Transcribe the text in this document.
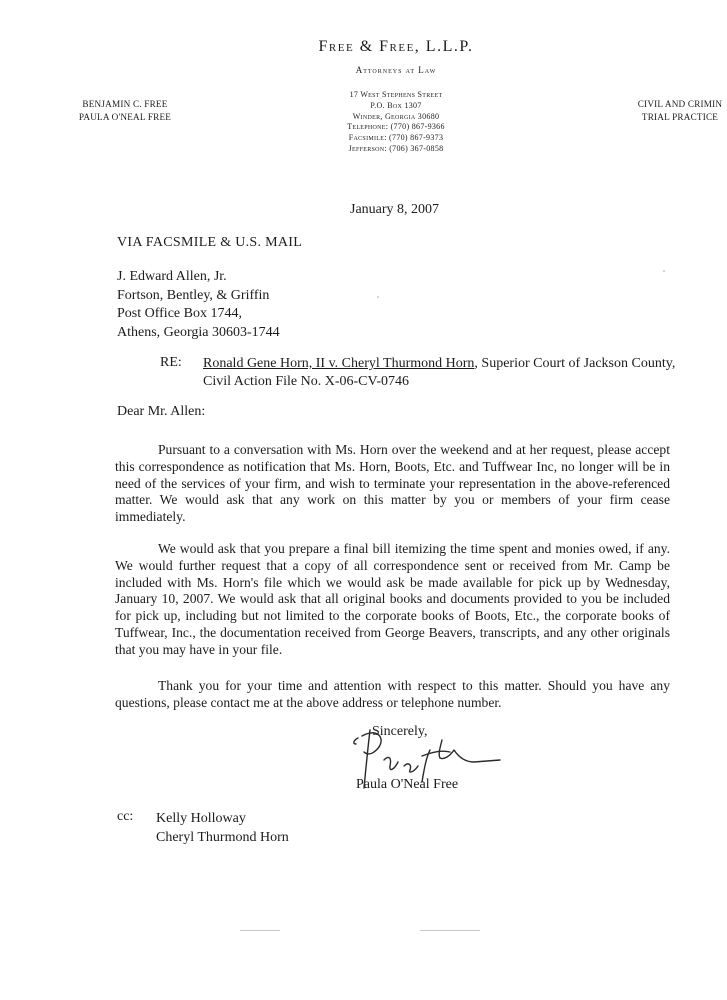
Free & Free, L.L.P.
Attorneys at Law
17 West Stephens Street
P.O. Box 1307
Winder, Georgia 30680
Telephone: (770) 867-9366
Facsimile: (770) 867-9373
Jefferson: (706) 367-0858
BENJAMIN C. FREE
PAULA O'NEAL FREE
CIVIL AND CRIMIN
TRIAL PRACTICE
January 8, 2007
VIA FACSMILE & U.S. MAIL
J. Edward Allen, Jr.
Fortson, Bentley, & Griffin
Post Office Box 1744,
Athens, Georgia 30603-1744
RE: Ronald Gene Horn, II v. Cheryl Thurmond Horn, Superior Court of Jackson County, Civil Action File No. X-06-CV-0746
Dear Mr. Allen:
Pursuant to a conversation with Ms. Horn over the weekend and at her request, please accept this correspondence as notification that Ms. Horn, Boots, Etc. and Tuffwear Inc, no longer will be in need of the services of your firm, and wish to terminate your representation in the above-referenced matter. We would ask that any work on this matter by you or members of your firm cease immediately.
We would ask that you prepare a final bill itemizing the time spent and monies owed, if any. We would further request that a copy of all correspondence sent or received from Mr. Camp be included with Ms. Horn's file which we would ask be made available for pick up by Wednesday, January 10, 2007. We would ask that all original books and documents provided to you be included for pick up, including but not limited to the corporate books of Boots, Etc., the corporate books of Tuffwear, Inc., the documentation received from George Beavers, transcripts, and any other originals that you may have in your file.
Thank you for your time and attention with respect to this matter. Should you have any questions, please contact me at the above address or telephone number.
Sincerely,
Paula O'Neal Free
cc: Kelly Holloway
Cheryl Thurmond Horn
